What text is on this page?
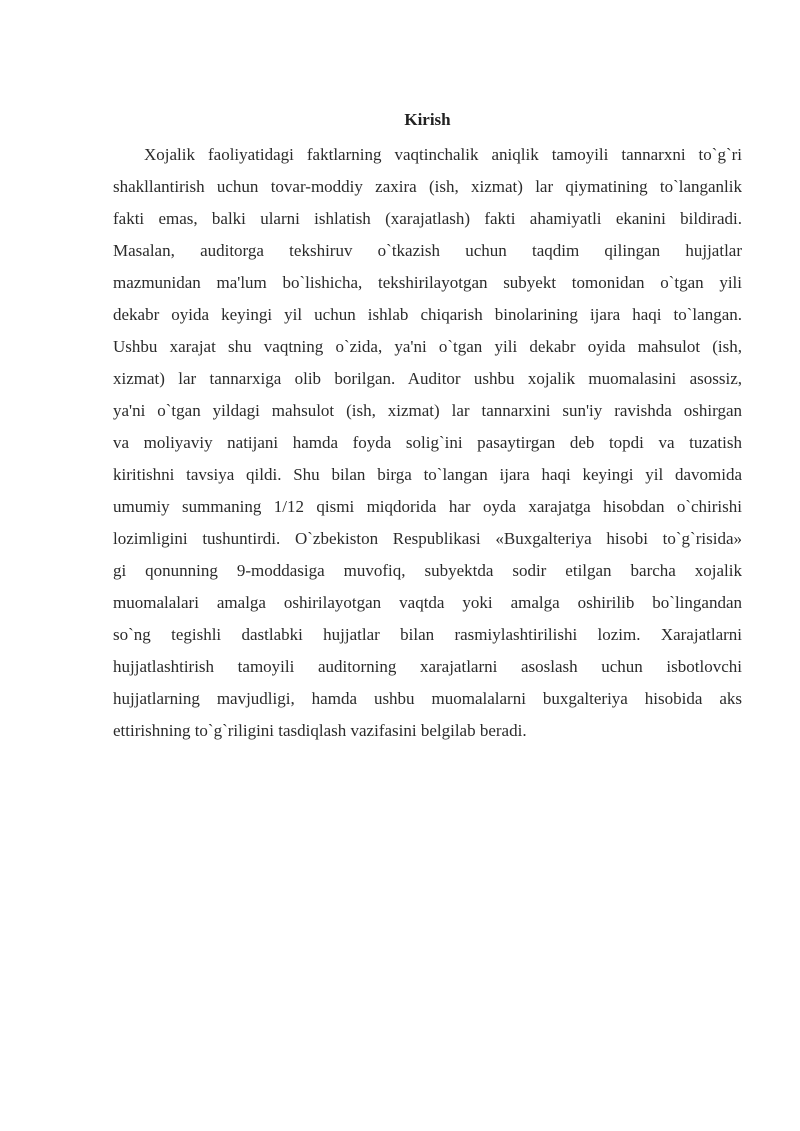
Kirish
Xojalik faoliyatidagi faktlarning vaqtinchalik aniqlik tamoyili tannarxni to`g`ri
shakllantirish uchun tovar-moddiy zaxira (ish, xizmat) lar qiymatining to`langanlik
fakti emas, balki ularni ishlatish (xarajatlash) fakti ahamiyatli ekanini bildiradi.
Masalan, auditorga tekshiruv o`tkazish uchun taqdim qilingan hujjatlar
mazmunidan ma'lum bo`lishicha, tekshirilayotgan subyekt tomonidan o`tgan yili
dekabr oyida keyingi yil uchun ishlab chiqarish binolarining ijara haqi to`langan.
Ushbu xarajat shu vaqtning o`zida, ya'ni o`tgan yili dekabr oyida mahsulot (ish,
xizmat) lar tannarxiga olib borilgan. Auditor ushbu xojalik muomalasini asossiz,
ya'ni o`tgan yildagi mahsulot (ish, xizmat) lar tannarxini sun'iy ravishda oshirgan
va moliyaviy natijani hamda foyda solig`ini pasaytirgan deb topdi va tuzatish
kiritishni tavsiya qildi. Shu bilan birga to`langan ijara haqi keyingi yil davomida
umumiy summaning 1/12 qismi miqdorida har oyda xarajatga hisobdan o`chirishi
lozimligini tushuntirdi. O`zbekiston Respublikasi «Buxgalteriya hisobi to`g`risida»
gi qonunning 9-moddasiga muvofiq, subyektda sodir etilgan barcha xojalik
muomalalari amalga oshirilayotgan vaqtda yoki amalga oshirilib bo`lingandan
so`ng tegishli dastlabki hujjatlar bilan rasmiylashtirilishi lozim. Xarajatlarni
hujjatlashtirish tamoyili auditorning xarajatlarni asoslash uchun isbotlovchi
hujjatlarning mavjudligi, hamda ushbu muomalalarni buxgalteriya hisobida aks
ettirishning to`g`riligini tasdiqlash vazifasini belgilab beradi.
